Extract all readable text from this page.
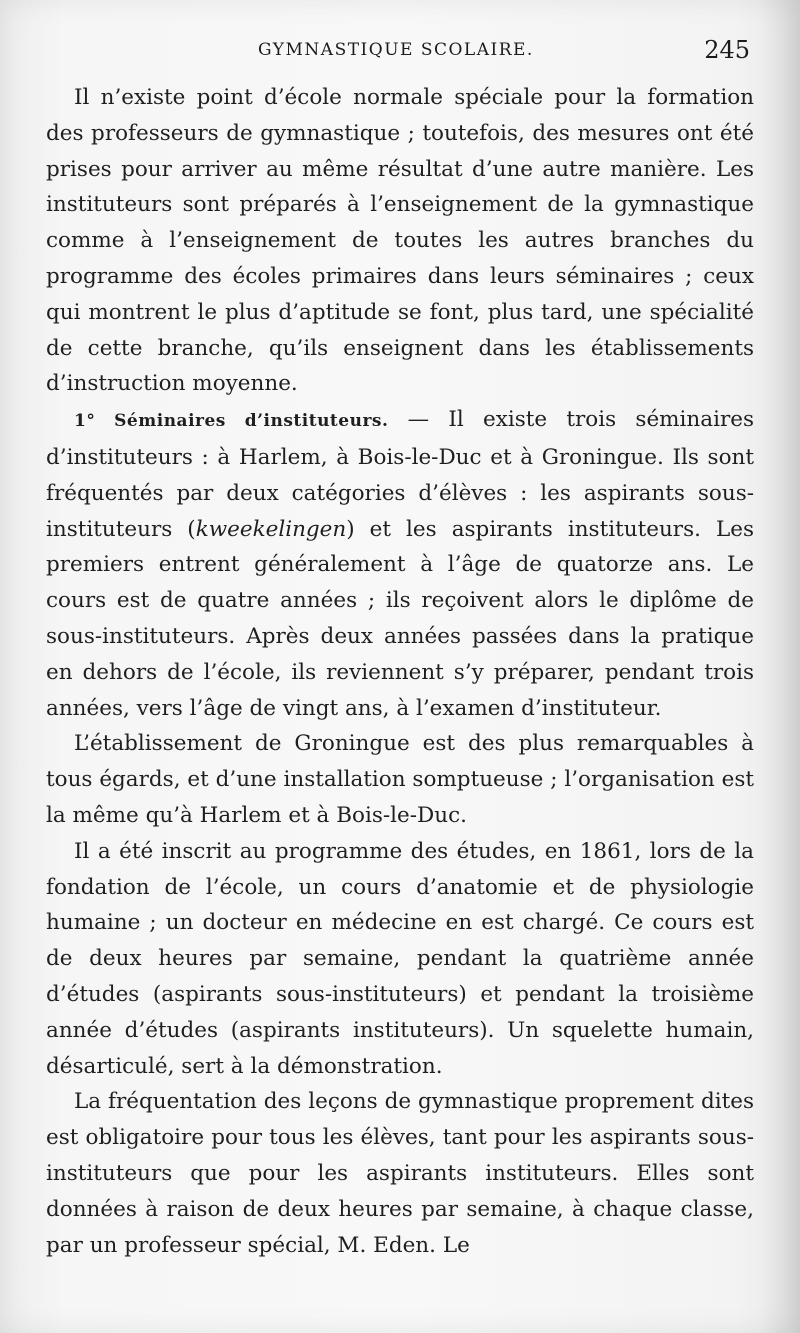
GYMNASTIQUE SCOLAIRE.	245

Il n’existe point d’école normale spéciale pour la formation des professeurs de gymnastique ; toutefois, des mesures ont été prises pour arriver au même résultat d’une autre manière. Les instituteurs sont préparés à l’enseignement de la gymnastique comme à l’enseignement de toutes les autres branches du programme des écoles primaires dans leurs séminaires ; ceux qui montrent le plus d’aptitude se font, plus tard, une spécialité de cette branche, qu’ils enseignent dans les établissements d’instruction moyenne.

1° Séminaires d’instituteurs. — Il existe trois séminaires d’instituteurs : à Harlem, à Bois-le-Duc et à Groningue. Ils sont fréquentés par deux catégories d’élèves : les aspirants sous-instituteurs (kweekelingen) et les aspirants instituteurs. Les premiers entrent généralement à l’âge de quatorze ans. Le cours est de quatre années ; ils reçoivent alors le diplôme de sous-instituteurs. Après deux années passées dans la pratique en dehors de l’école, ils reviennent s’y préparer, pendant trois années, vers l’âge de vingt ans, à l’examen d’instituteur.

L’établissement de Groningue est des plus remarquables à tous égards, et d’une installation somptueuse ; l’organisation est la même qu’à Harlem et à Bois-le-Duc.

Il a été inscrit au programme des études, en 1861, lors de la fondation de l’école, un cours d’anatomie et de physiologie humaine ; un docteur en médecine en est chargé. Ce cours est de deux heures par semaine, pendant la quatrième année d’études (aspirants sous-instituteurs) et pendant la troisième année d’études (aspirants instituteurs). Un squelette humain, désarticulé, sert à la démonstration.

La fréquentation des leçons de gymnastique proprement dites est obligatoire pour tous les élèves, tant pour les aspirants sous-instituteurs que pour les aspirants instituteurs. Elles sont données à raison de deux heures par semaine, à chaque classe, par un professeur spécial, M. Eden. Le
